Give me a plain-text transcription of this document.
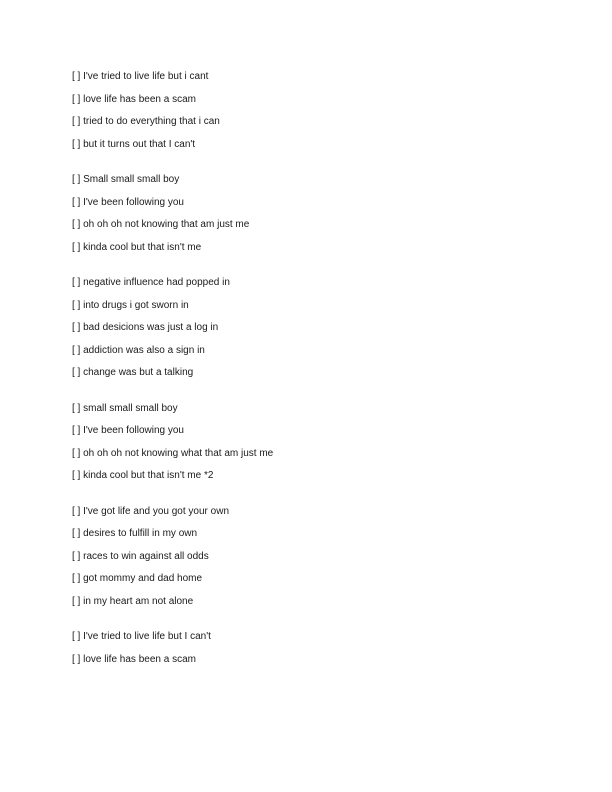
[ ] I've tried to live life but i cant
[ ] love life has been a scam
[ ] tried to do everything that i can
[ ] but it turns out that I can't
[ ] Small small small boy
[ ] I've been following you
[ ] oh oh oh not knowing that am just me
[ ] kinda cool but that isn't me
[ ] negative influence had popped in
[ ] into drugs i got sworn in
[ ] bad desicions was just a log in
[ ] addiction was also a sign in
[ ] change was but a talking
[ ] small small small boy
[ ] I've been following you
[ ] oh oh oh not knowing what that am just me
[ ] kinda cool but that isn't me *2
[ ] I've got life and you got your own
[ ] desires to fulfill in my own
[ ] races to win against all odds
[ ] got mommy and dad home
[ ] in my heart am not alone
[ ] I've tried to live life but I can't
[ ] love life has been a scam
